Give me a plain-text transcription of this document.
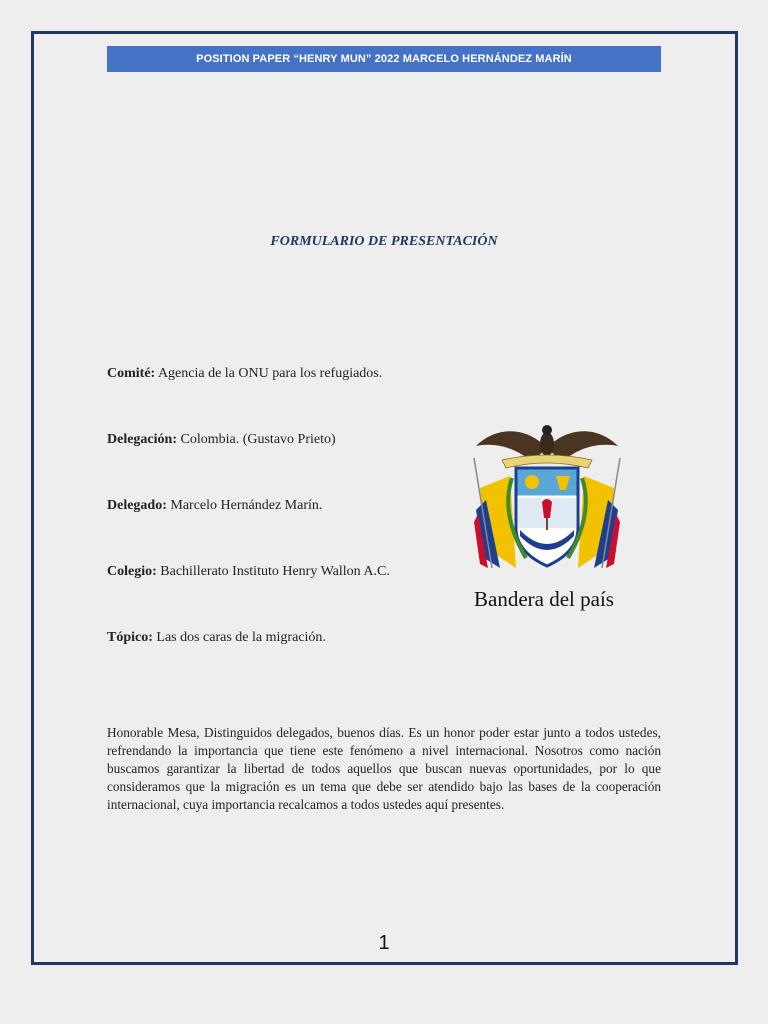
POSITION PAPER “HENRY MUN” 2022 MARCELO HERNÁNDEZ MARÍN
FORMULARIO DE PRESENTACIÓN
Comité: Agencia de la ONU para los refugiados.
Delegación: Colombia. (Gustavo Prieto)
Delegado: Marcelo Hernández Marín.
Colegio: Bachillerato Instituto Henry Wallon A.C.
Tópico: Las dos caras de la migración.
Bandera del país
Honorable Mesa, Distinguidos delegados, buenos días. Es un honor poder estar junto a todos ustedes, refrendando la importancia que tiene este fenómeno a nivel internacional. Nosotros como nación buscamos garantizar la libertad de todos aquellos que buscan nuevas oportunidades, por lo que consideramos que la migración es un tema que debe ser atendido bajo las bases de la cooperación internacional, cuya importancia recalcamos a todos ustedes aquí presentes.
1
